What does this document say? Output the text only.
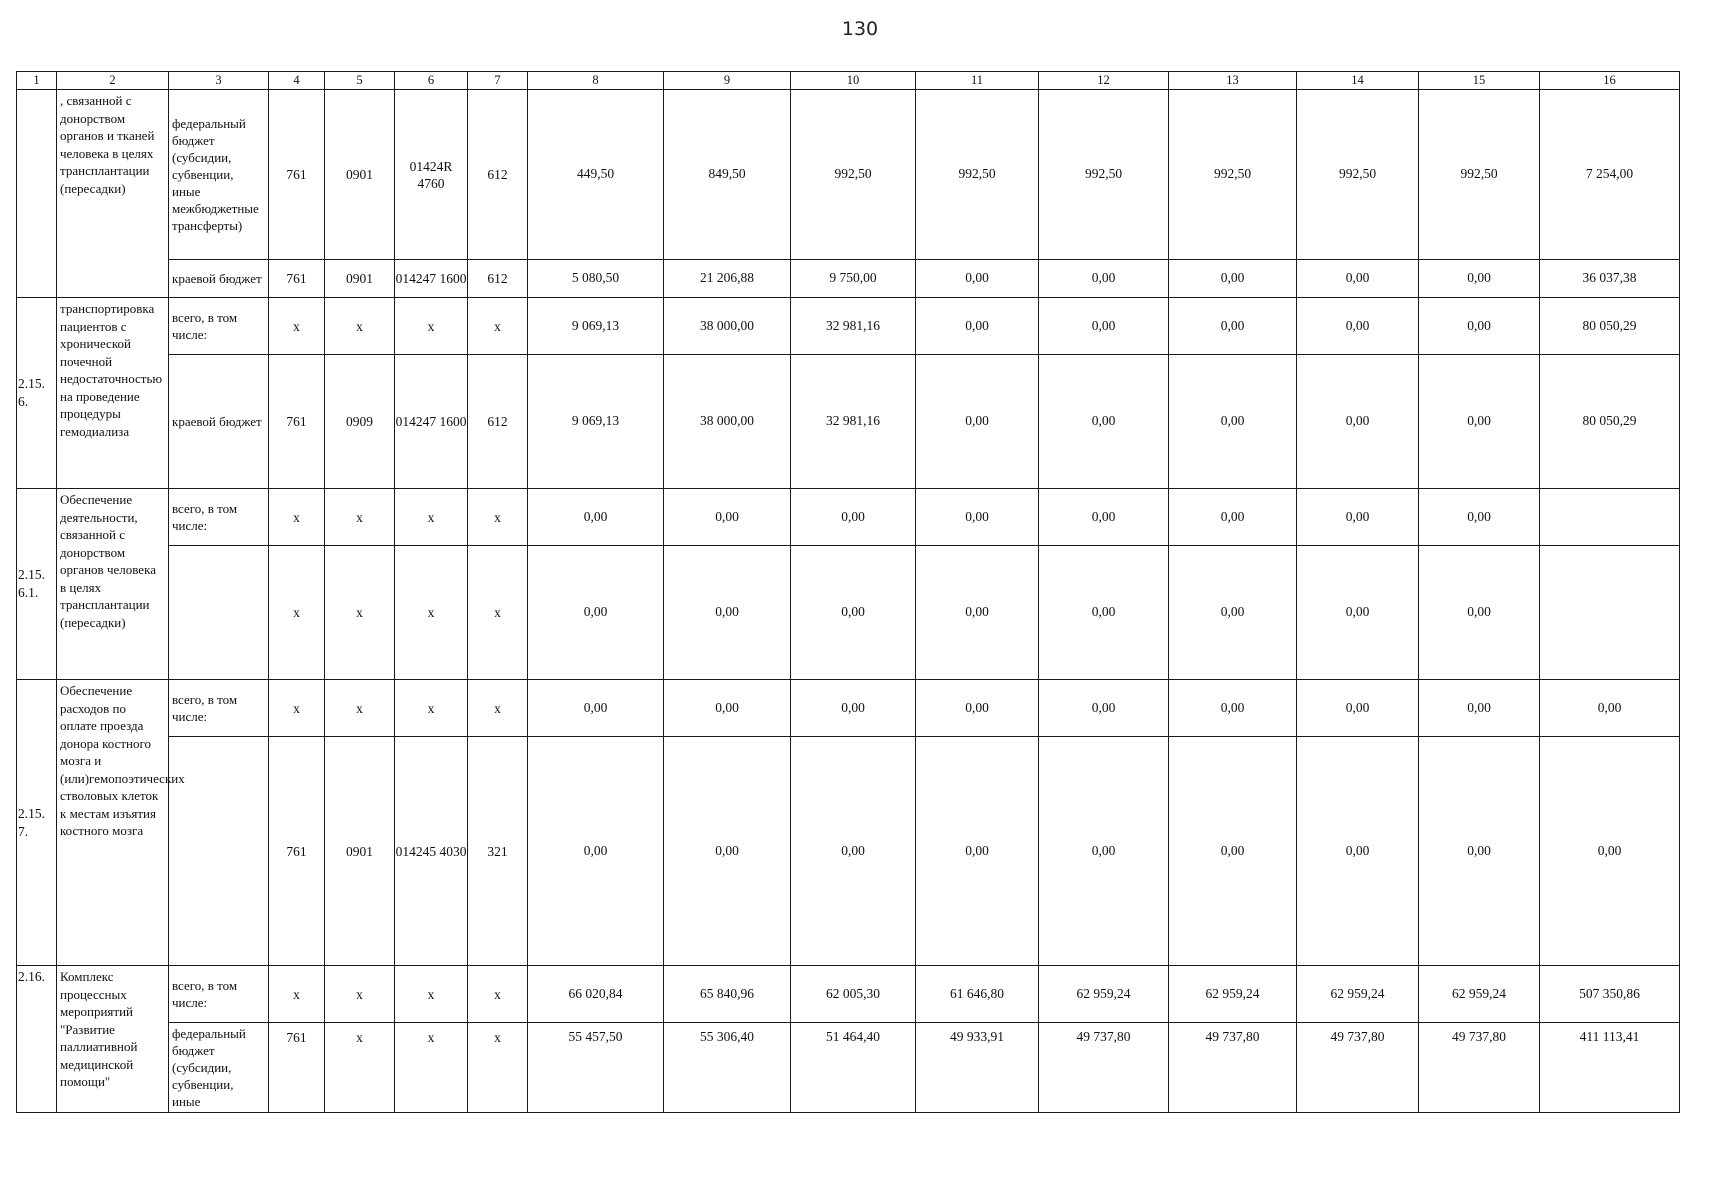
130
1	2	3	4	5	6	7	8	9	10	11	12	13	14	15	16
	, связанной с донорством органов и тканей человека в целях трансплантации (пересадки)	федеральный бюджет (субсидии, субвенции, иные межбюджетные трансферты)	761	0901	01424R 4760	612	449,50	849,50	992,50	992,50	992,50	992,50	992,50	992,50	7 254,00
		краевой бюджет	761	0901	014247 1600	612	5 080,50	21 206,88	9 750,00	0,00	0,00	0,00	0,00	0,00	36 037,38
2.15. 6.	транспортировка пациентов с хронической почечной недостаточностью на проведение процедуры гемодиализа	всего, в том числе:	x	x	x	x	9 069,13	38 000,00	32 981,16	0,00	0,00	0,00	0,00	0,00	80 050,29
		краевой бюджет	761	0909	014247 1600	612	9 069,13	38 000,00	32 981,16	0,00	0,00	0,00	0,00	0,00	80 050,29
2.15. 6.1.	Обеспечение деятельности, связанной с донорством органов человека в целях трансплантации (пересадки)	всего, в том числе:	x	x	x	x	0,00	0,00	0,00	0,00	0,00	0,00	0,00	0,00	
			x	x	x	x	0,00	0,00	0,00	0,00	0,00	0,00	0,00	0,00	
2.15. 7.	Обеспечение расходов по оплате проезда донора костного мозга и (или)гемопоэтических стволовых клеток к местам изъятия костного мозга	всего, в том числе:	x	x	x	x	0,00	0,00	0,00	0,00	0,00	0,00	0,00	0,00	0,00
			761	0901	014245 4030	321	0,00	0,00	0,00	0,00	0,00	0,00	0,00	0,00	0,00
2.16.	Комплекс процессных мероприятий "Развитие паллиативной медицинской помощи"	всего, в том числе:	x	x	x	x	66 020,84	65 840,96	62 005,30	61 646,80	62 959,24	62 959,24	62 959,24	62 959,24	507 350,86
		федеральный бюджет (субсидии, субвенции, иные	761	x	x	x	55 457,50	55 306,40	51 464,40	49 933,91	49 737,80	49 737,80	49 737,80	49 737,80	411 113,41
